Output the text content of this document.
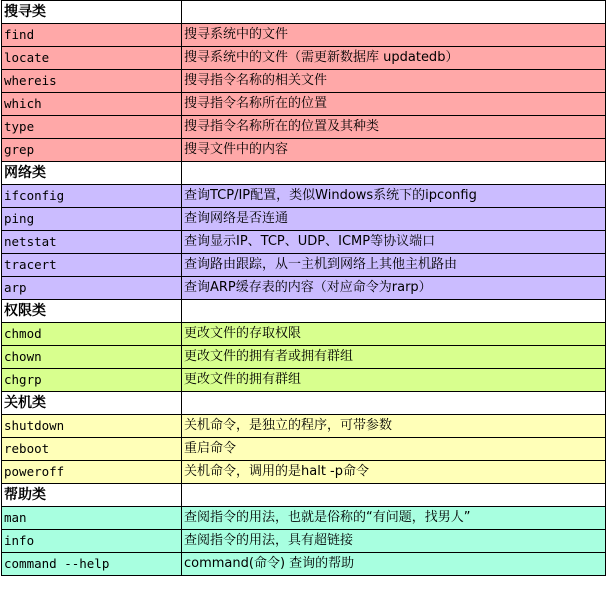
搜寻类	
find	搜寻系统中的文件
locate	搜寻系统中的文件（需更新数据库 updatedb）
whereis	搜寻指令名称的相关文件
which	搜寻指令名称所在的位置
type	搜寻指令名称所在的位置及其种类
grep	搜寻文件中的内容
网络类	
ifconfig	查询TCP/IP配置，类似Windows系统下的ipconfig
ping	查询网络是否连通
netstat	查询显示IP、TCP、UDP、ICMP等协议端口
tracert	查询路由跟踪，从一主机到网络上其他主机路由
arp	查询ARP缓存表的内容（对应命令为rarp）
权限类	
chmod	更改文件的存取权限
chown	更改文件的拥有者或拥有群组
chgrp	更改文件的拥有群组
关机类	
shutdown	关机命令，是独立的程序，可带参数
reboot	重启命令
poweroff	关机命令，调用的是halt -p命令
帮助类	
man	查阅指令的用法，也就是俗称的“有问题，找男人”
info	查阅指令的用法，具有超链接
command --help	command(命令) 查询的帮助
